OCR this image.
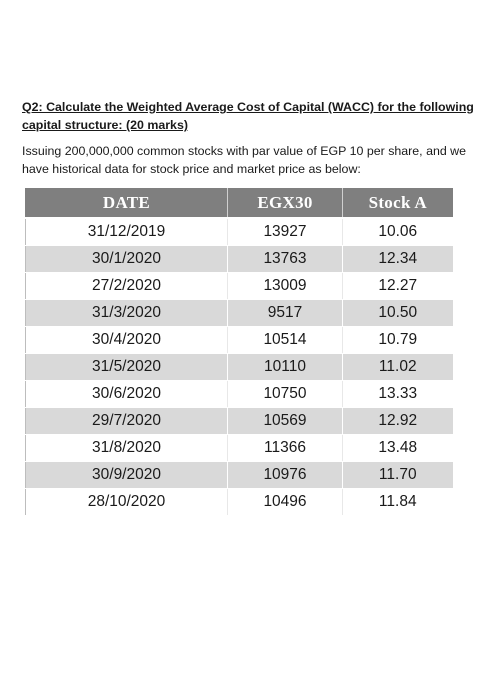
Q2: Calculate the Weighted Average Cost of Capital (WACC) for the following capital structure: (20 marks)

Issuing 200,000,000 common stocks with par value of EGP 10 per share, and we have historical data for stock price and market price as below:

DATE	EGX30	Stock A
31/12/2019	13927	10.06
30/1/2020	13763	12.34
27/2/2020	13009	12.27
31/3/2020	9517	10.50
30/4/2020	10514	10.79
31/5/2020	10110	11.02
30/6/2020	10750	13.33
29/7/2020	10569	12.92
31/8/2020	11366	13.48
30/9/2020	10976	11.70
28/10/2020	10496	11.84
